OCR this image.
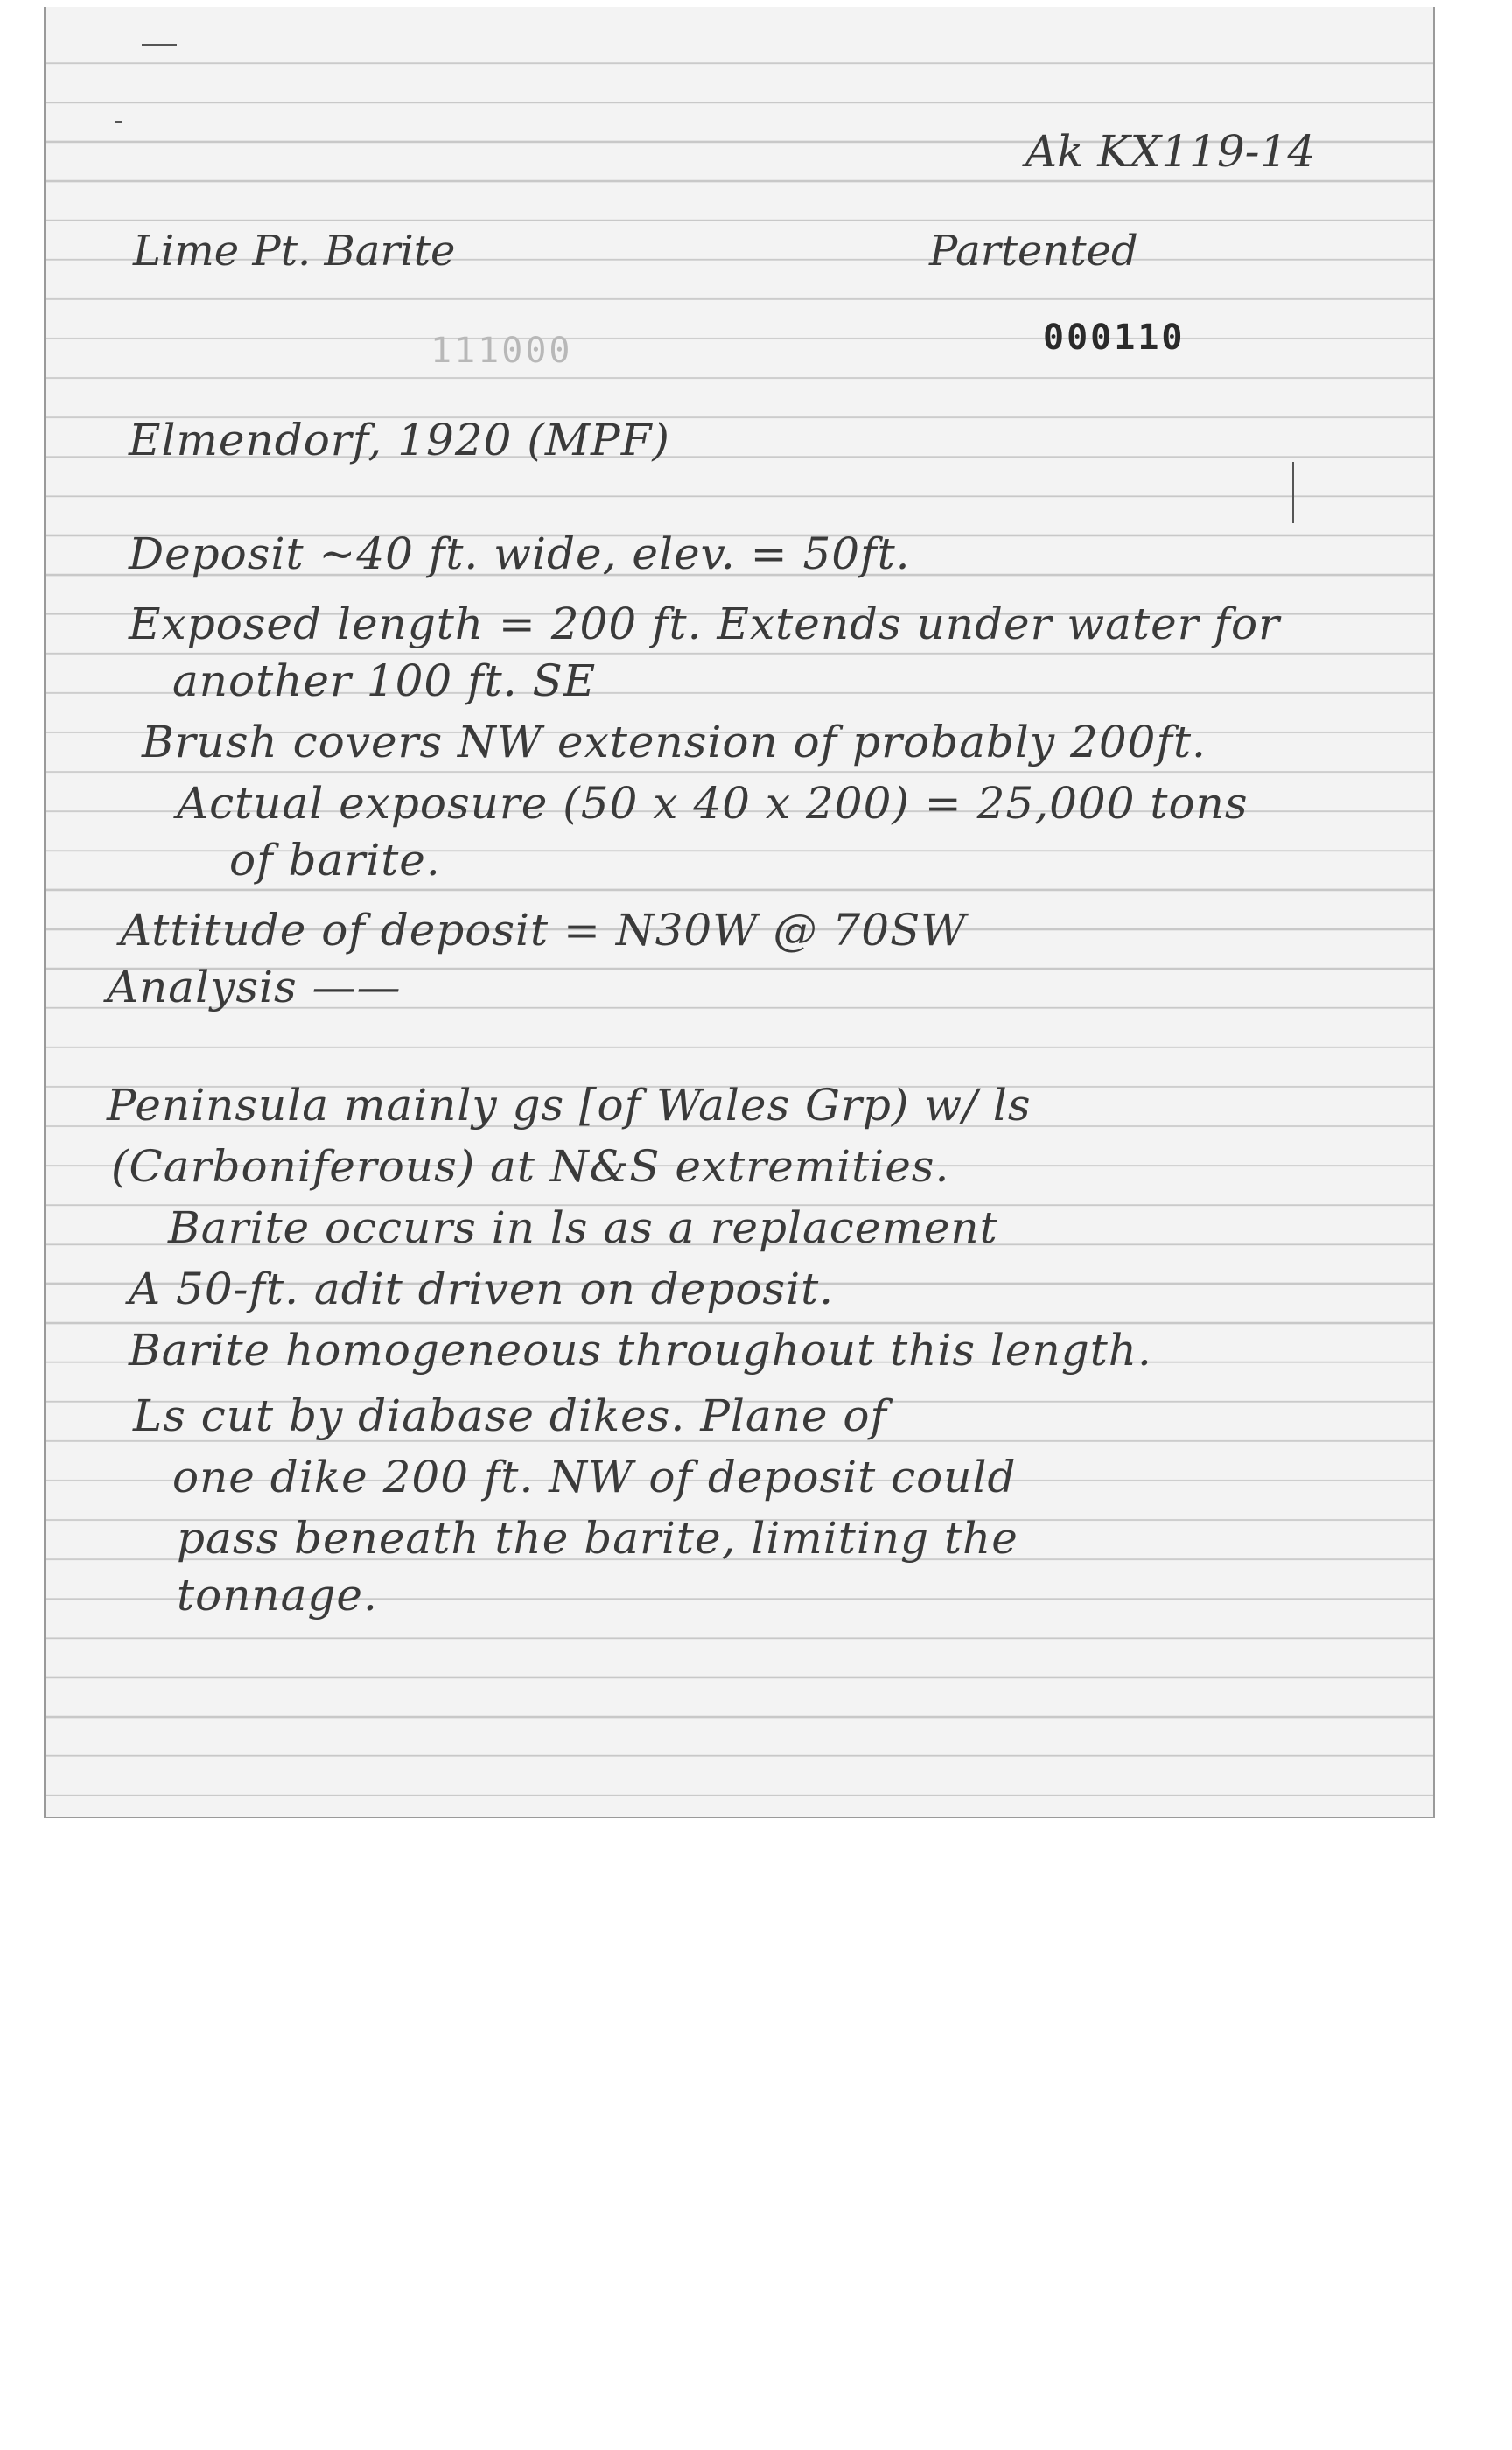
Ak KX119-14
Lime Pt. Barite	Partented
111000	000110
Elmendorf, 1920 (MPF)
Deposit ~40 ft. wide, elev. = 50ft.
Exposed length = 200 ft. Extends under water for
another 100 ft. SE
Brush covers NW extension of probably 200ft.
Actual exposure (50 x 40 x 200) = 25,000 tons
of barite.
Attitude of deposit = N30W @ 70SW
Analysis ——
Peninsula mainly gs [of Wales Grp) w/ ls
(Carboniferous) at N&S extremities.
Barite occurs in ls as a replacement
A 50-ft. adit driven on deposit.
Barite homogeneous throughout this length.
Ls cut by diabase dikes. Plane of
one dike 200 ft. NW of deposit could
pass beneath the barite, limiting the
tonnage.
